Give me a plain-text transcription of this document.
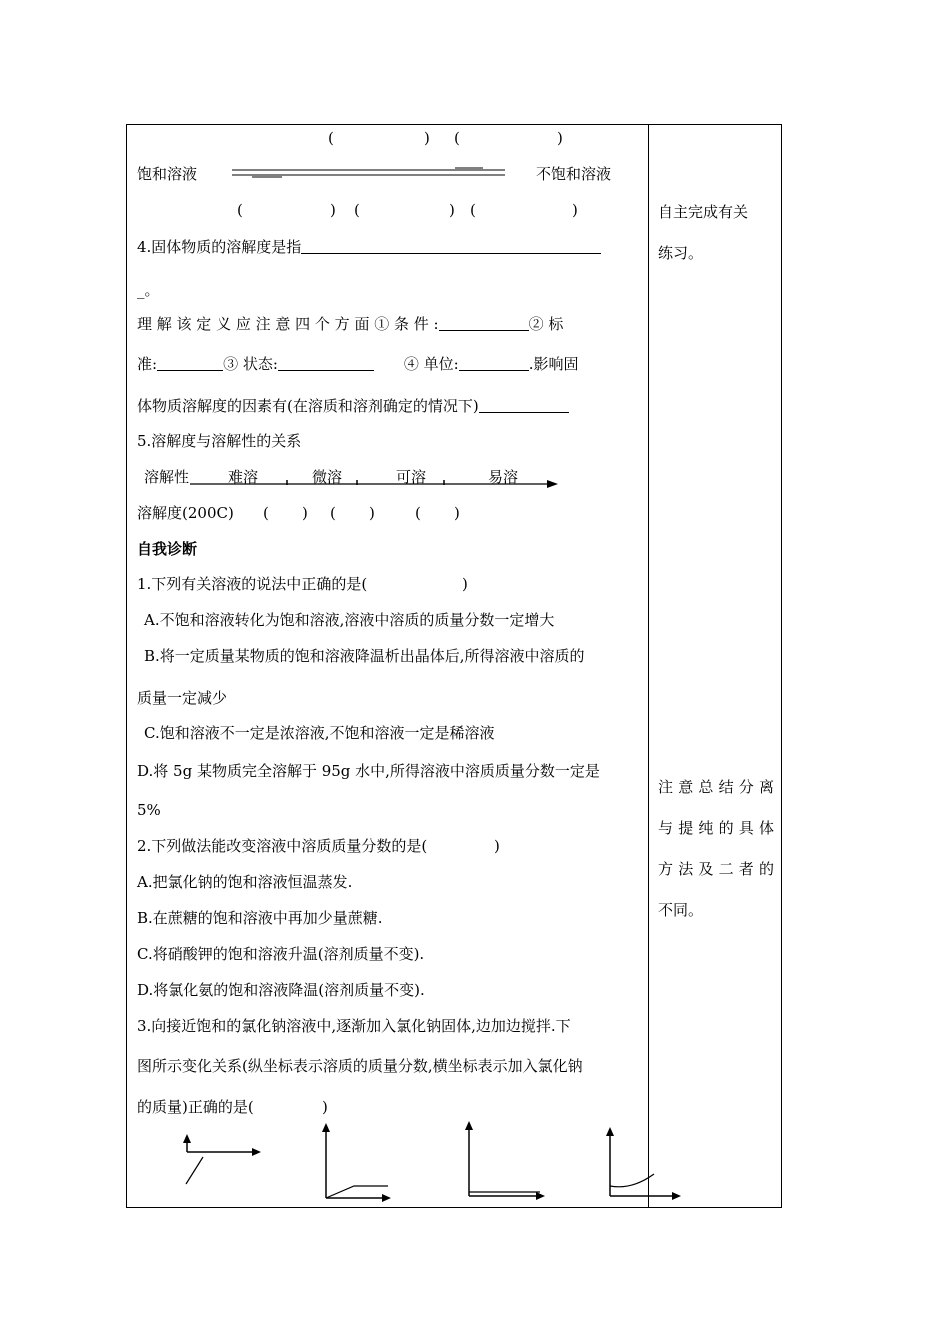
(	) (	)
饱和溶液	不饱和溶液
(	) (	) (	)
4.固体物质的溶解度是指
_。
理 解 该 定 义 应 注 意 四 个 方 面 ① 条 件 :	② 标
准:	③ 状态:	④ 单位:	.影响固
体物质溶解度的因素有(在溶质和溶剂确定的情况下)
5.溶解度与溶解性的关系
溶解性	难溶	微溶	可溶	易溶
溶解度(200C) ( ) ( )	( )
自我诊断
1.下列有关溶液的说法中正确的是(	)
A.不饱和溶液转化为饱和溶液,溶液中溶质的质量分数一定增大
B.将一定质量某物质的饱和溶液降温析出晶体后,所得溶液中溶质的
质量一定减少
C.饱和溶液不一定是浓溶液,不饱和溶液一定是稀溶液
D.将 5g 某物质完全溶解于 95g 水中,所得溶液中溶质质量分数一定是
5%
2.下列做法能改变溶液中溶质质量分数的是(	)
A.把氯化钠的饱和溶液恒温蒸发.
B.在蔗糖的饱和溶液中再加少量蔗糖.
C.将硝酸钾的饱和溶液升温(溶剂质量不变).
D.将氯化氨的饱和溶液降温(溶剂质量不变).
3.向接近饱和的氯化钠溶液中,逐渐加入氯化钠固体,边加边搅拌.下
图所示变化关系(纵坐标表示溶质的质量分数,横坐标表示加入氯化钠
的质量)正确的是(	)
自主完成有关
练习。
注意总结分离
与提纯的具体
方法及二者的
不同。
